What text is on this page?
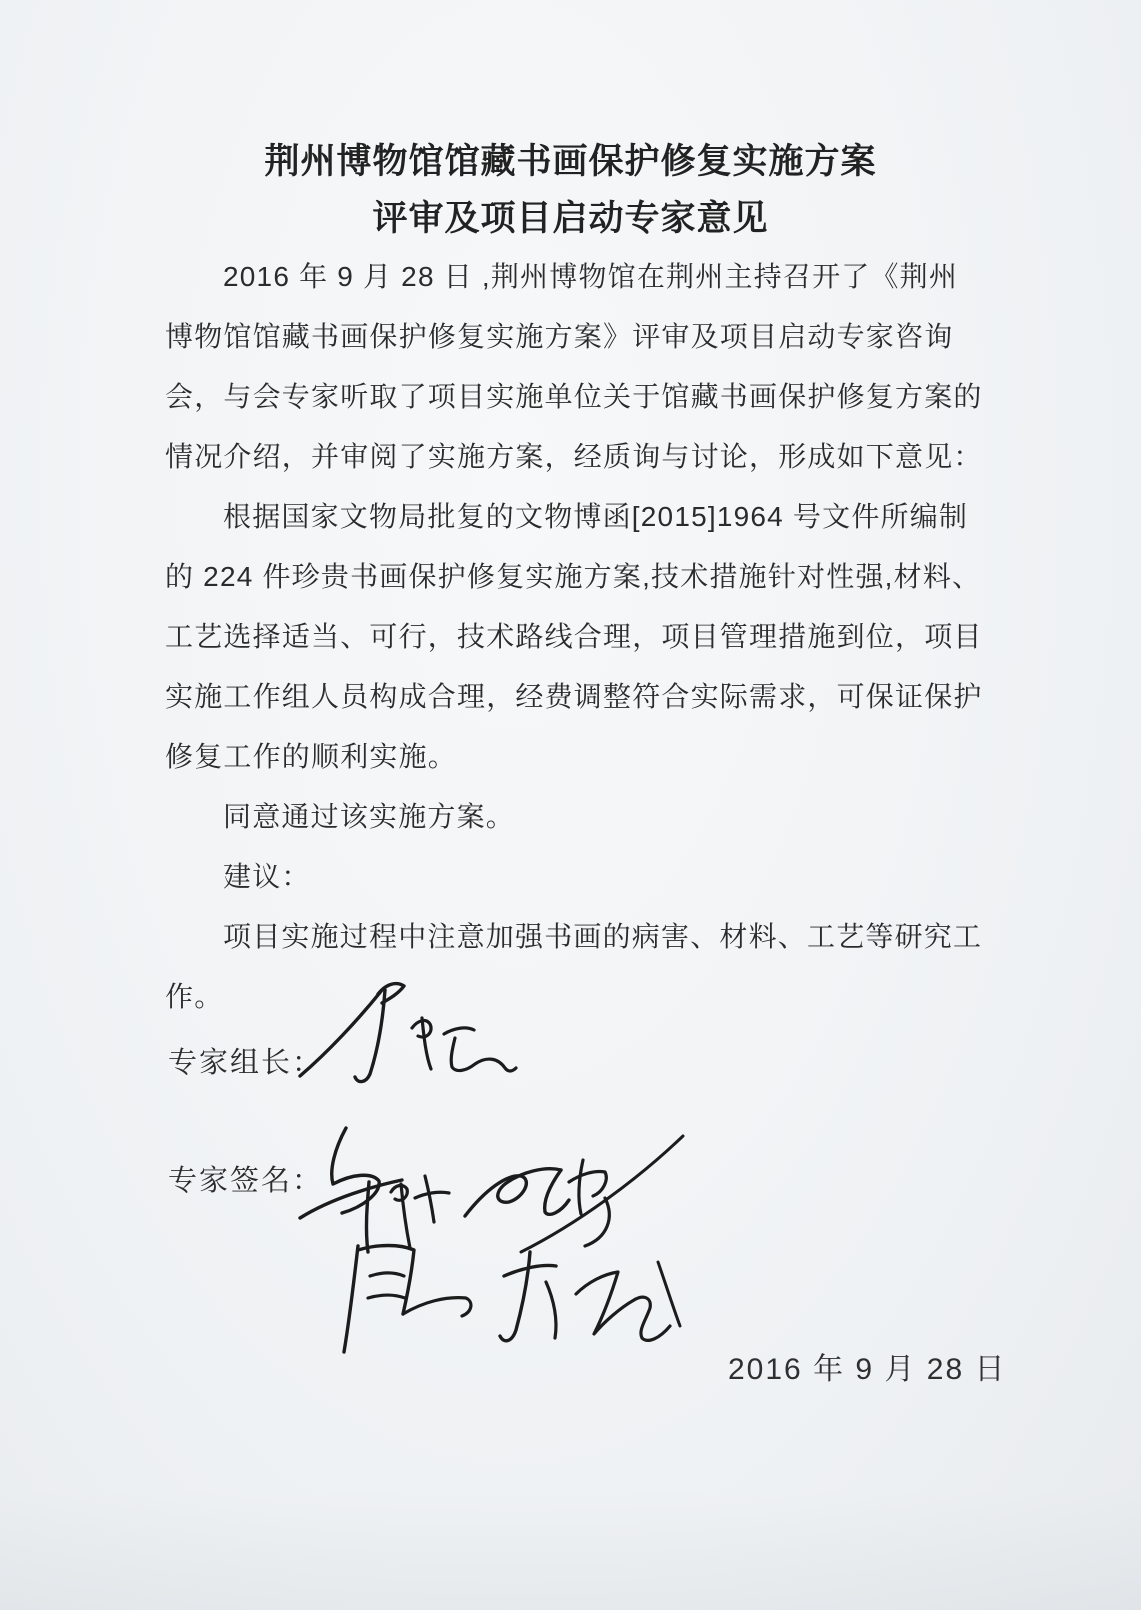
荆州博物馆馆藏书画保护修复实施方案
评审及项目启动专家意见
2016 年 9 月 28 日 ,荆州博物馆在荆州主持召开了《荆州
博物馆馆藏书画保护修复实施方案》评审及项目启动专家咨询
会，与会专家听取了项目实施单位关于馆藏书画保护修复方案的
情况介绍，并审阅了实施方案，经质询与讨论，形成如下意见：
根据国家文物局批复的文物博函[2015]1964 号文件所编制
的 224 件珍贵书画保护修复实施方案,技术措施针对性强,材料、
工艺选择适当、可行，技术路线合理，项目管理措施到位，项目
实施工作组人员构成合理，经费调整符合实际需求，可保证保护
修复工作的顺利实施。
同意通过该实施方案。
建议：
项目实施过程中注意加强书画的病害、材料、工艺等研究工
作。
专家组长：
专家签名：
2016 年 9 月 28 日
